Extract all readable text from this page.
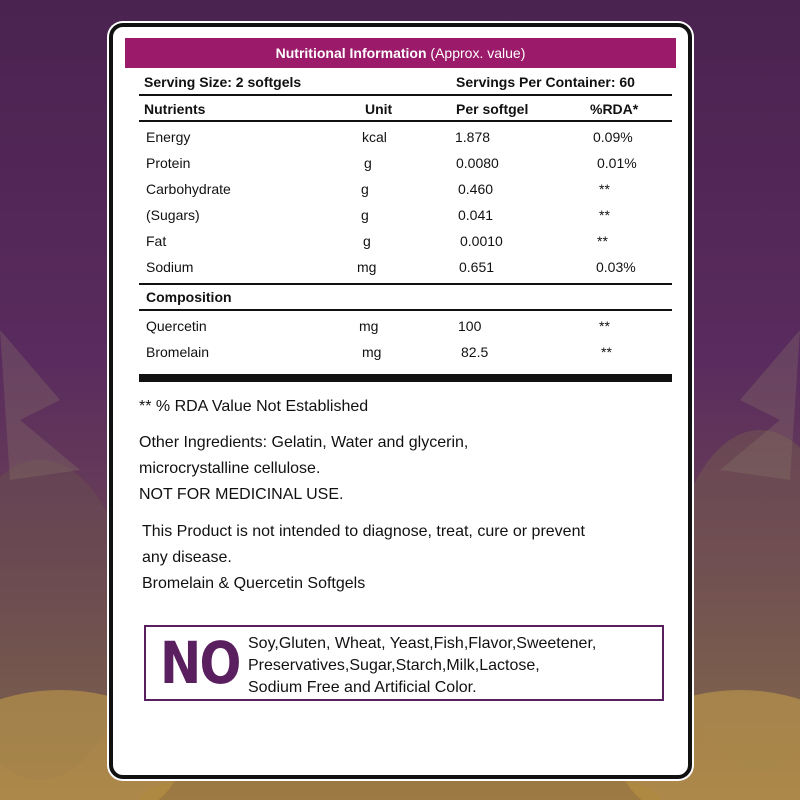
Nutritional Information (Approx. value)
Serving Size: 2 softgels	Servings Per Container: 60
Nutrients	Unit	Per softgel	%RDA*
Energy	kcal	1.878	0.09%
Protein	g	0.0080	0.01%
Carbohydrate	g	0.460	**
(Sugars)	g	0.041	**
Fat	g	0.0010	**
Sodium	mg	0.651	0.03%
Composition
Quercetin	mg	100	**
Bromelain	mg	82.5	**
** % RDA Value Not Established
Other Ingredients: Gelatin, Water and glycerin,
microcrystalline cellulose.
NOT FOR MEDICINAL USE.
This Product is not intended to diagnose, treat, cure or prevent
any disease.
Bromelain & Quercetin Softgels
NO Soy,Gluten, Wheat, Yeast,Fish,Flavor,Sweetener,
Preservatives,Sugar,Starch,Milk,Lactose,
Sodium Free and Artificial Color.
